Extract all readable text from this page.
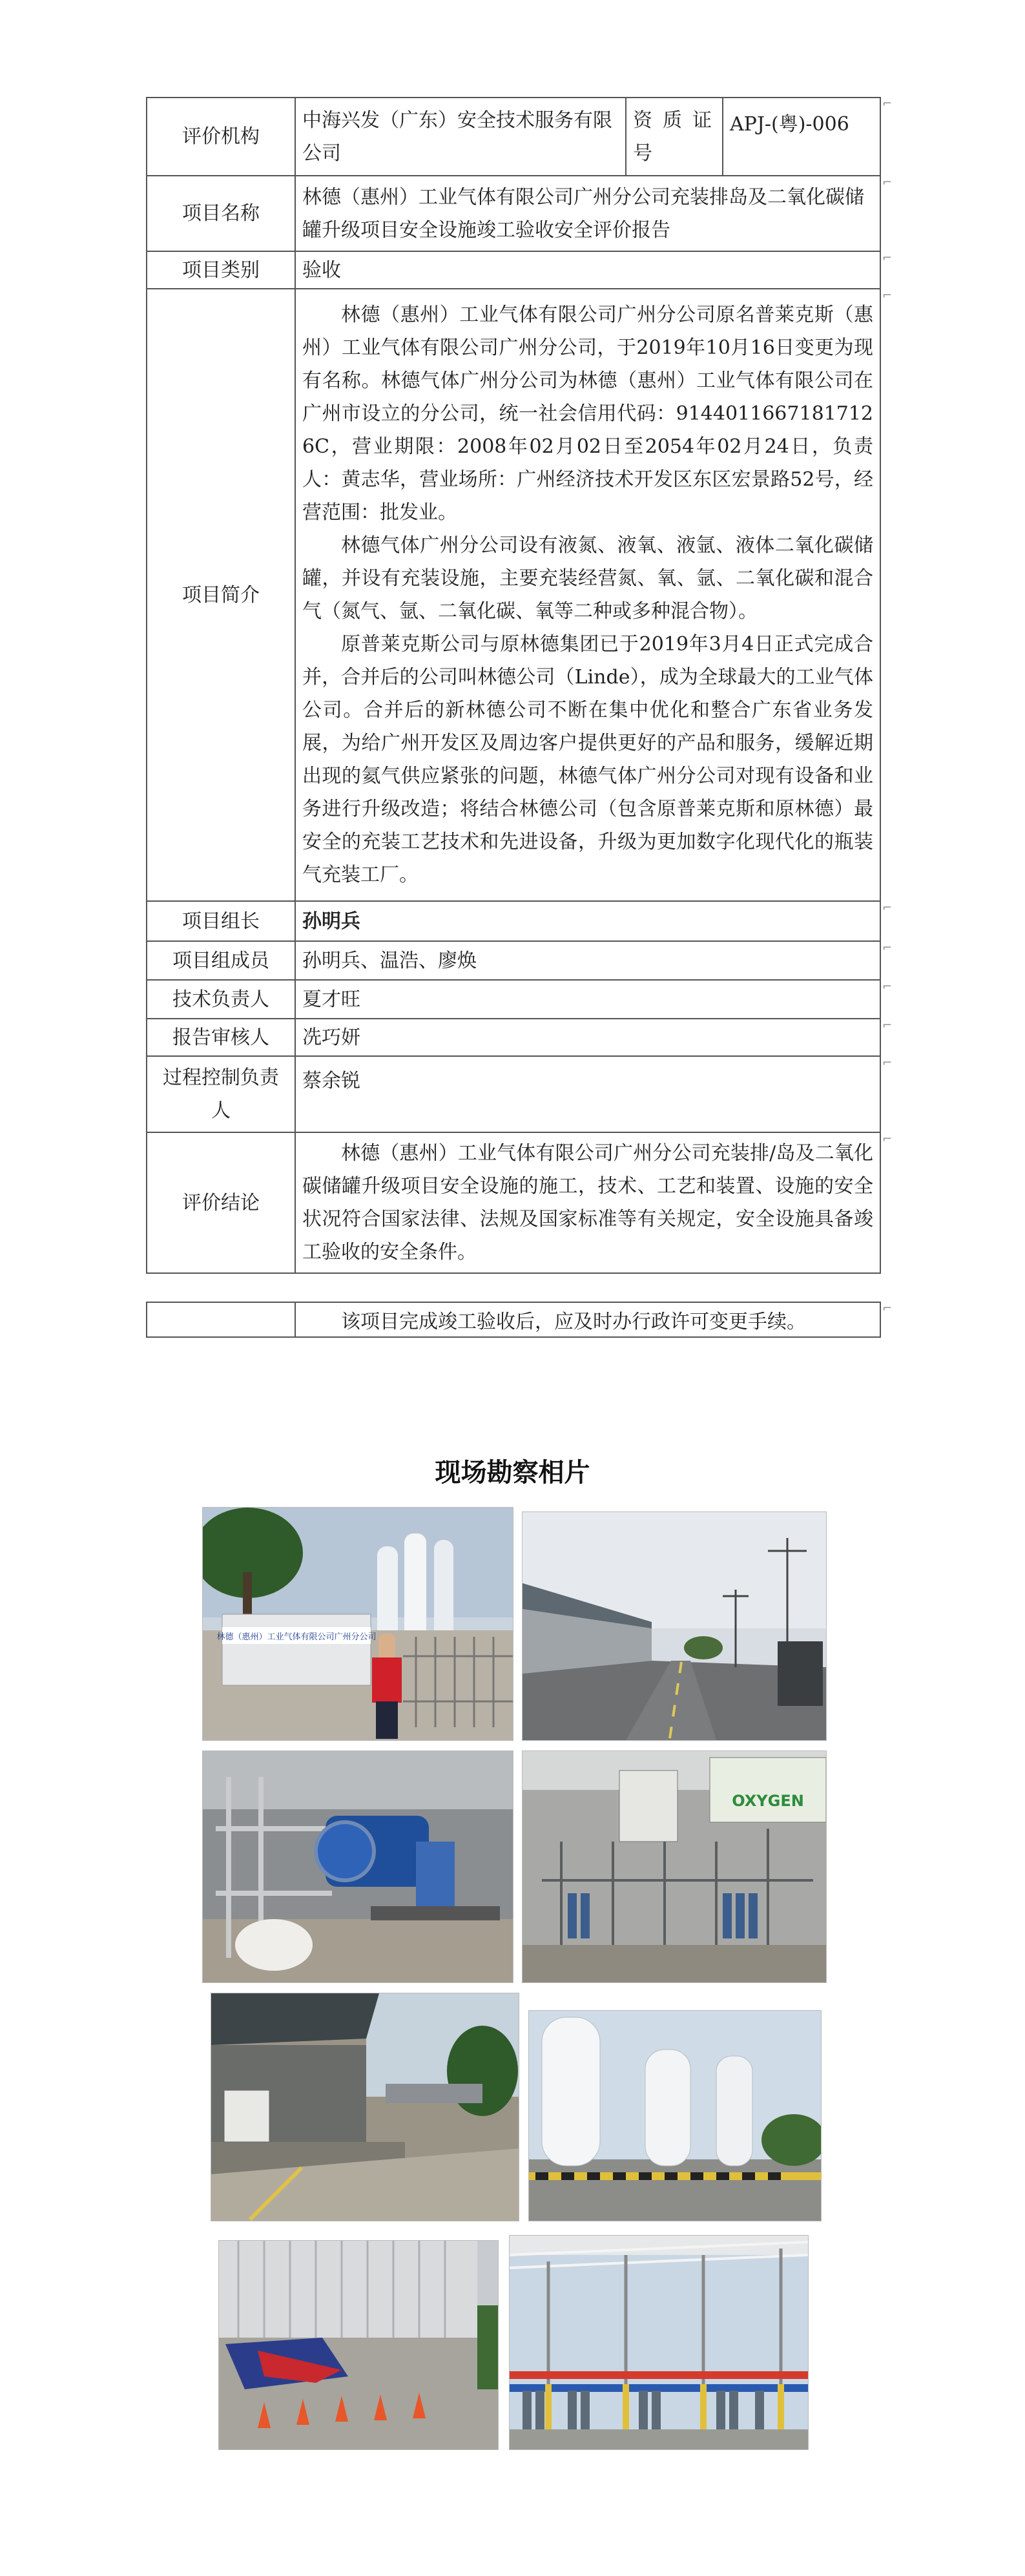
评价机构	中海兴发（广东）安全技术服务有限公司	资质证号	APJ-(粤)-006
项目名称	林德（惠州）工业气体有限公司广州分公司充装排岛及二氧化碳储罐升级项目安全设施竣工验收安全评价报告		
项目类别	验收		
项目简介	林德（惠州）工业气体有限公司广州分公司原名普莱克斯（惠州）工业气体有限公司广州分公司，于2019年10月16日变更为现有名称。林德气体广州分公司为林德（惠州）工业气体有限公司在广州市设立的分公司，统一社会信用代码：91440116671817126C，营业期限：2008年02月02日至2054年02月24日，负责人：黄志华，营业场所：广州经济技术开发区东区宏景路52号，经营范围：批发业。

林德气体广州分公司设有液氮、液氧、液氩、液体二氧化碳储罐，并设有充装设施，主要充装经营氮、氧、氩、二氧化碳和混合气（氮气、氩、二氧化碳、氧等二种或多种混合物）。

原普莱克斯公司与原林德集团已于2019年3月4日正式完成合并，合并后的公司叫林德公司（Linde），成为全球最大的工业气体公司。合并后的新林德公司不断在集中优化和整合广东省业务发展，为给广州开发区及周边客户提供更好的产品和服务，缓解近期出现的氦气供应紧张的问题，林德气体广州分公司对现有设备和业务进行升级改造；将结合林德公司（包含原普莱克斯和原林德）最安全的充装工艺技术和先进设备，升级为更加数字化现代化的瓶装气充装工厂。		

项目组长	孙明兵		
项目组成员	孙明兵、温浩、廖焕		
技术负责人	夏才旺		
报告审核人	冼巧妍		
过程控制负责人	蔡余锐		
评价结论	林德（惠州）工业气体有限公司广州分公司充装排/岛及二氧化碳储罐升级项目安全设施的施工，技术、工艺和装置、设施的安全状况符合国家法律、法规及国家标准等有关规定，安全设施具备竣工验收的安全条件。		

	该项目完成竣工验收后，应及时办行政许可变更手续。
⌐
⌐
⌐
⌐
⌐
⌐
⌐
⌐
⌐
⌐
⌐
现场勘察相片
林德（惠州）工业气体有限公司广州分公司
OXYGEN
